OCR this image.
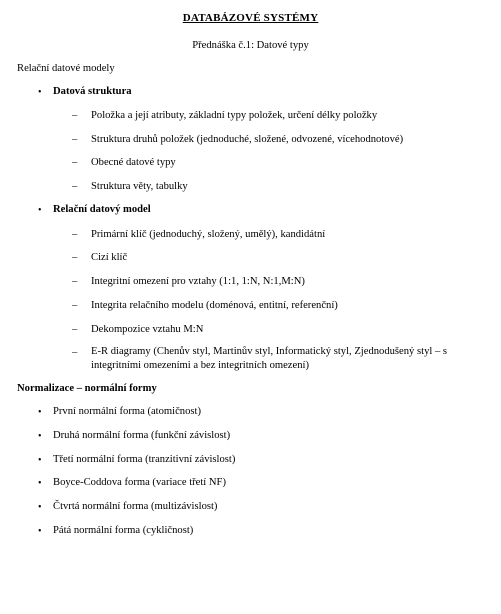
DATABÁZOVÉ SYSTÉMY
Přednáška č.1: Datové typy
Relační datové modely
• Datová struktura
– Položka a její atributy, základní typy položek, určení délky položky
– Struktura druhů položek (jednoduché, složené, odvozené, vícehodnotové)
– Obecné datové typy
– Struktura věty, tabulky
• Relační datový model
– Primární klíč (jednoduchý, složený, umělý), kandidátní
– Cizí klíč
– Integritní omezení pro vztahy (1:1, 1:N, N:1,M:N)
– Integrita relačního modelu (doménová, entitní, referenční)
– Dekompozice vztahu M:N
– E-R diagramy (Chenův styl, Martinův styl, Informatický styl, Zjednodušený styl – s integritními omezeními a bez integritních omezení)
Normalizace – normální formy
• První normální forma (atomičnost)
• Druhá normální forma (funkční závislost)
• Třetí normální forma (tranzitivní závislost)
• Boyce-Coddova forma (variace třetí NF)
• Čtvrtá normální forma (multizávislost)
• Pátá normální forma (cykličnost)
